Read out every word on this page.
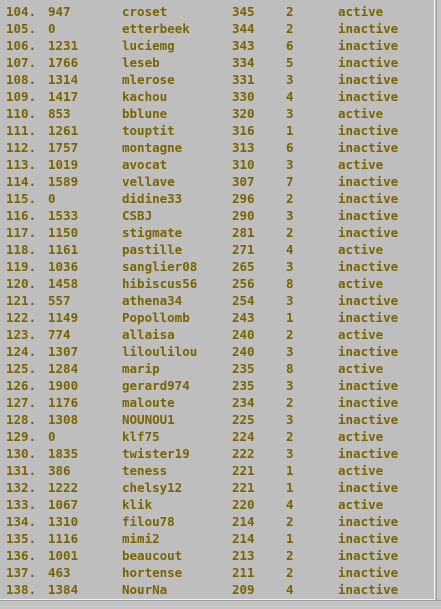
104. 947	croset	345	2	active
105. 0	etterbeek	344	2	inactive
106. 1231	luciemg	343	6	inactive
107. 1766	leseb	334	5	inactive
108. 1314	mlerose	331	3	inactive
109. 1417	kachou	330	4	inactive
110. 853	bblune	320	3	active
111. 1261	touptit	316	1	inactive
112. 1757	montagne	313	6	inactive
113. 1019	avocat	310	3	active
114. 1589	vellave	307	7	inactive
115. 0	didine33	296	2	inactive
116. 1533	CSBJ	290	3	inactive
117. 1150	stigmate	281	2	inactive
118. 1161	pastille	271	4	active
119. 1036	sanglier08	265	3	inactive
120. 1458	hibiscus56	256	8	active
121. 557	athena34	254	3	inactive
122. 1149	Popollomb	243	1	inactive
123. 774	allaisa	240	2	active
124. 1307	liloulilou	240	3	inactive
125. 1284	marip	235	8	active
126. 1900	gerard974	235	3	inactive
127. 1176	maloute	234	2	inactive
128. 1308	NOUNOU1	225	3	inactive
129. 0	klf75	224	2	active
130. 1835	twister19	222	3	inactive
131. 386	teness	221	1	active
132. 1222	chelsy12	221	1	inactive
133. 1067	klik	220	4	active
134. 1310	filou78	214	2	inactive
135. 1116	mimi2	214	1	inactive
136. 1001	beaucout	213	2	inactive
137. 463	hortense	211	2	inactive
138. 1384	NourNa	209	4	inactive
